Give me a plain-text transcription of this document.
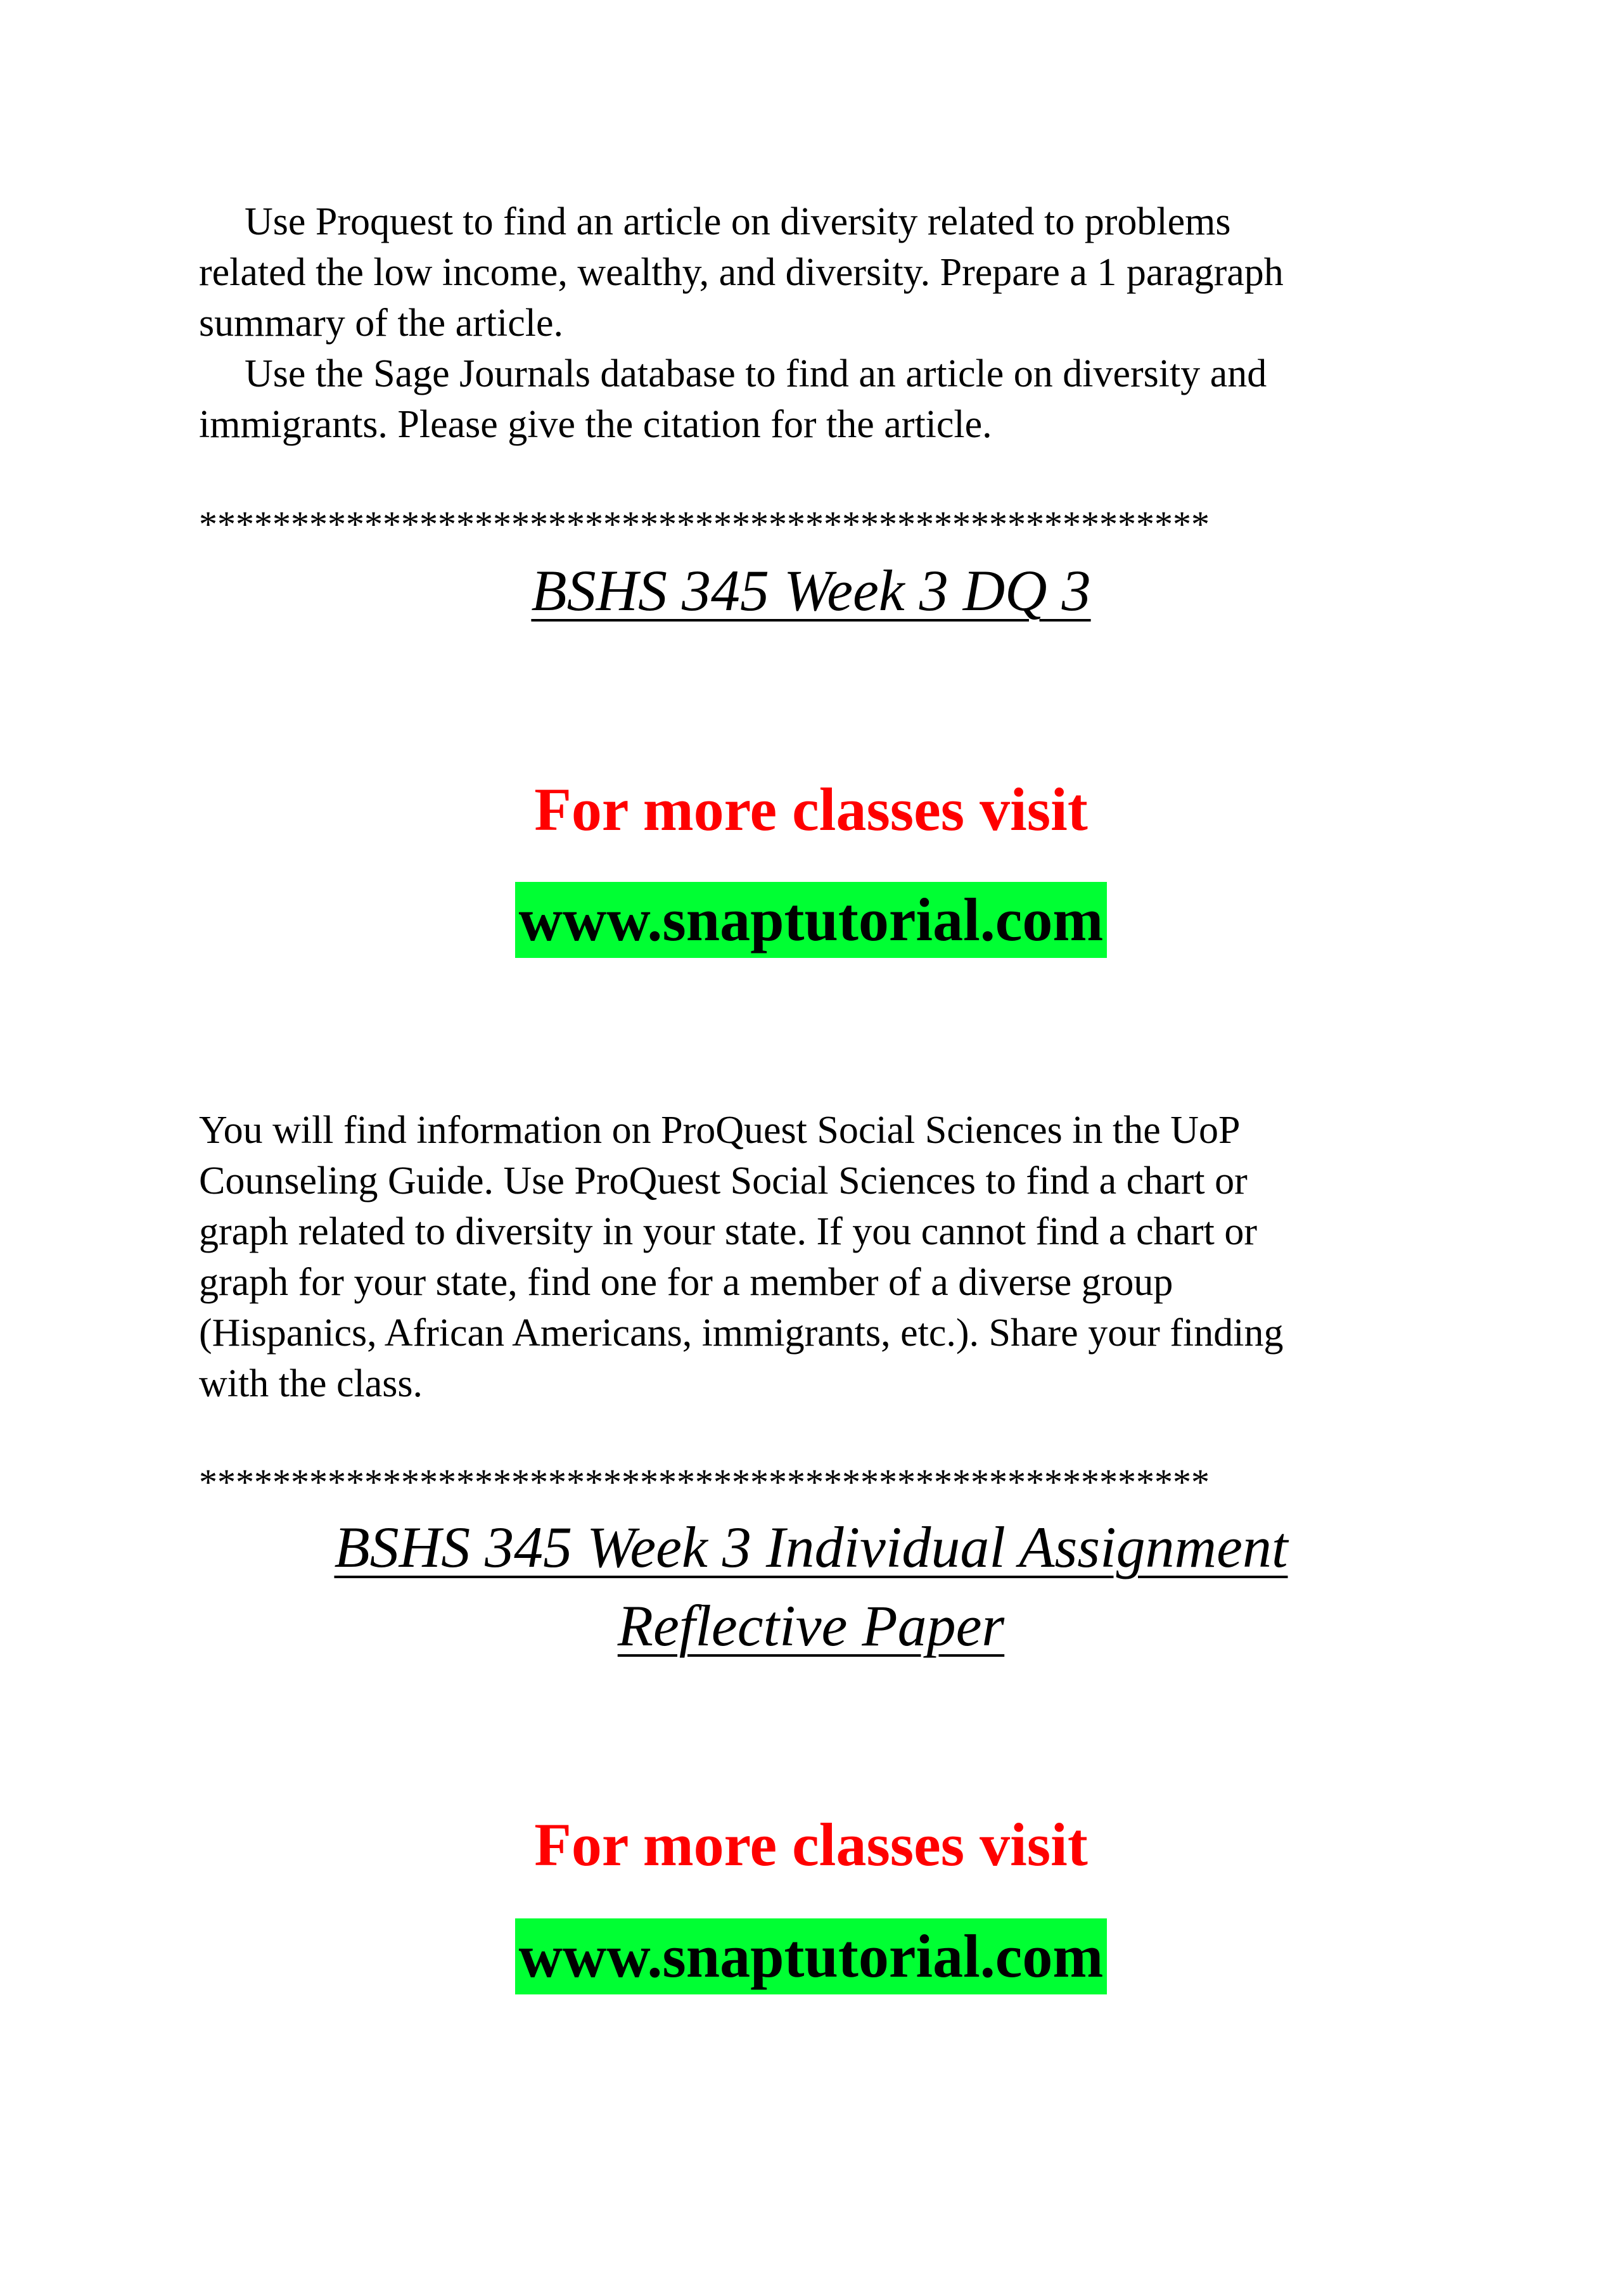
Use Proquest to find an article on diversity related to problems

related the low income, wealthy, and diversity. Prepare a 1 paragraph
summary of the article.

Use the Sage Journals database to find an article on diversity and

immigrants. Please give the citation for the article.

*******************************************************
BSHS 345 Week 3 DQ 3
For more classes visit
www.snaptutorial.com

You will find information on ProQuest Social Sciences in the UoP
Counseling Guide. Use ProQuest Social Sciences to find a chart or
graph related to diversity in your state. If you cannot find a chart or
graph for your state, find one for a member of a diverse group
(Hispanics, African Americans, immigrants, etc.). Share your finding
with the class.

*******************************************************
BSHS 345 Week 3 Individual Assignment
Reflective Paper
For more classes visit
www.snaptutorial.com
